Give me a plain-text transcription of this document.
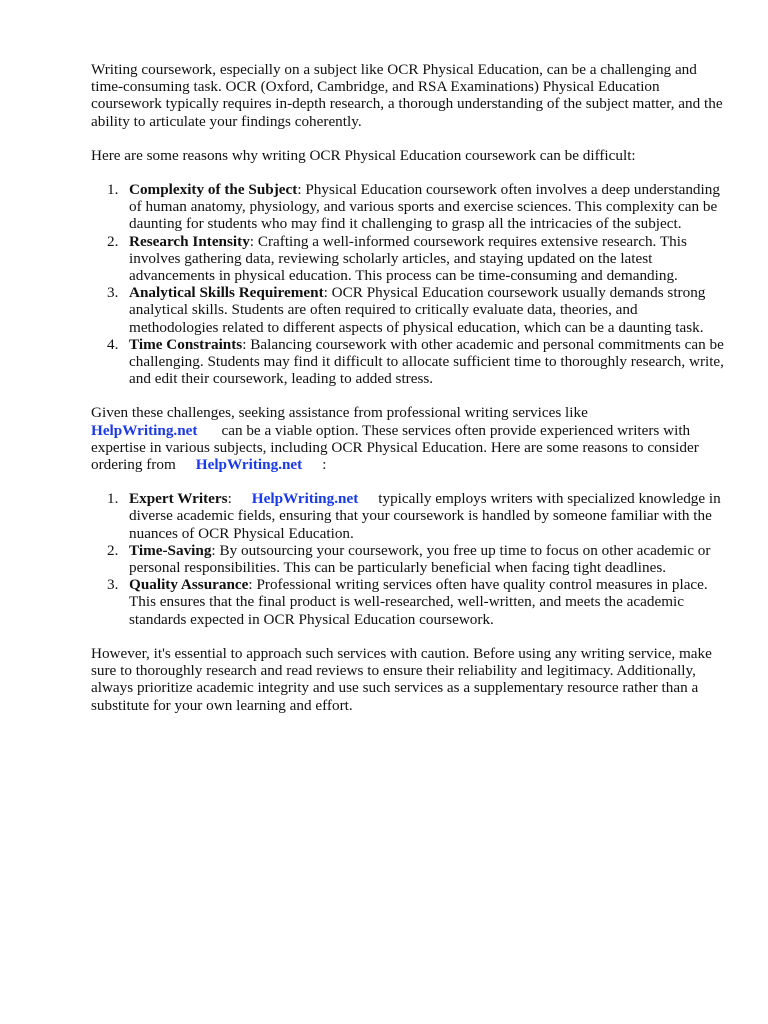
Writing coursework, especially on a subject like OCR Physical Education, can be a challenging and time-consuming task. OCR (Oxford, Cambridge, and RSA Examinations) Physical Education coursework typically requires in-depth research, a thorough understanding of the subject matter, and the ability to articulate your findings coherently.

Here are some reasons why writing OCR Physical Education coursework can be difficult:

1. Complexity of the Subject: Physical Education coursework often involves a deep understanding of human anatomy, physiology, and various sports and exercise sciences. This complexity can be daunting for students who may find it challenging to grasp all the intricacies of the subject.
2. Research Intensity: Crafting a well-informed coursework requires extensive research. This involves gathering data, reviewing scholarly articles, and staying updated on the latest advancements in physical education. This process can be time-consuming and demanding.
3. Analytical Skills Requirement: OCR Physical Education coursework usually demands strong analytical skills. Students are often required to critically evaluate data, theories, and methodologies related to different aspects of physical education, which can be a daunting task.
4. Time Constraints: Balancing coursework with other academic and personal commitments can be challenging. Students may find it difficult to allocate sufficient time to thoroughly research, write, and edit their coursework, leading to added stress.

Given these challenges, seeking assistance from professional writing services like
HelpWriting.net can be a viable option. These services often provide experienced writers with expertise in various subjects, including OCR Physical Education. Here are some reasons to consider ordering from HelpWriting.net :

1. Expert Writers: HelpWriting.net typically employs writers with specialized knowledge in diverse academic fields, ensuring that your coursework is handled by someone familiar with the nuances of OCR Physical Education.
2. Time-Saving: By outsourcing your coursework, you free up time to focus on other academic or personal responsibilities. This can be particularly beneficial when facing tight deadlines.
3. Quality Assurance: Professional writing services often have quality control measures in place. This ensures that the final product is well-researched, well-written, and meets the academic standards expected in OCR Physical Education coursework.

However, it's essential to approach such services with caution. Before using any writing service, make sure to thoroughly research and read reviews to ensure their reliability and legitimacy. Additionally, always prioritize academic integrity and use such services as a supplementary resource rather than a substitute for your own learning and effort.
